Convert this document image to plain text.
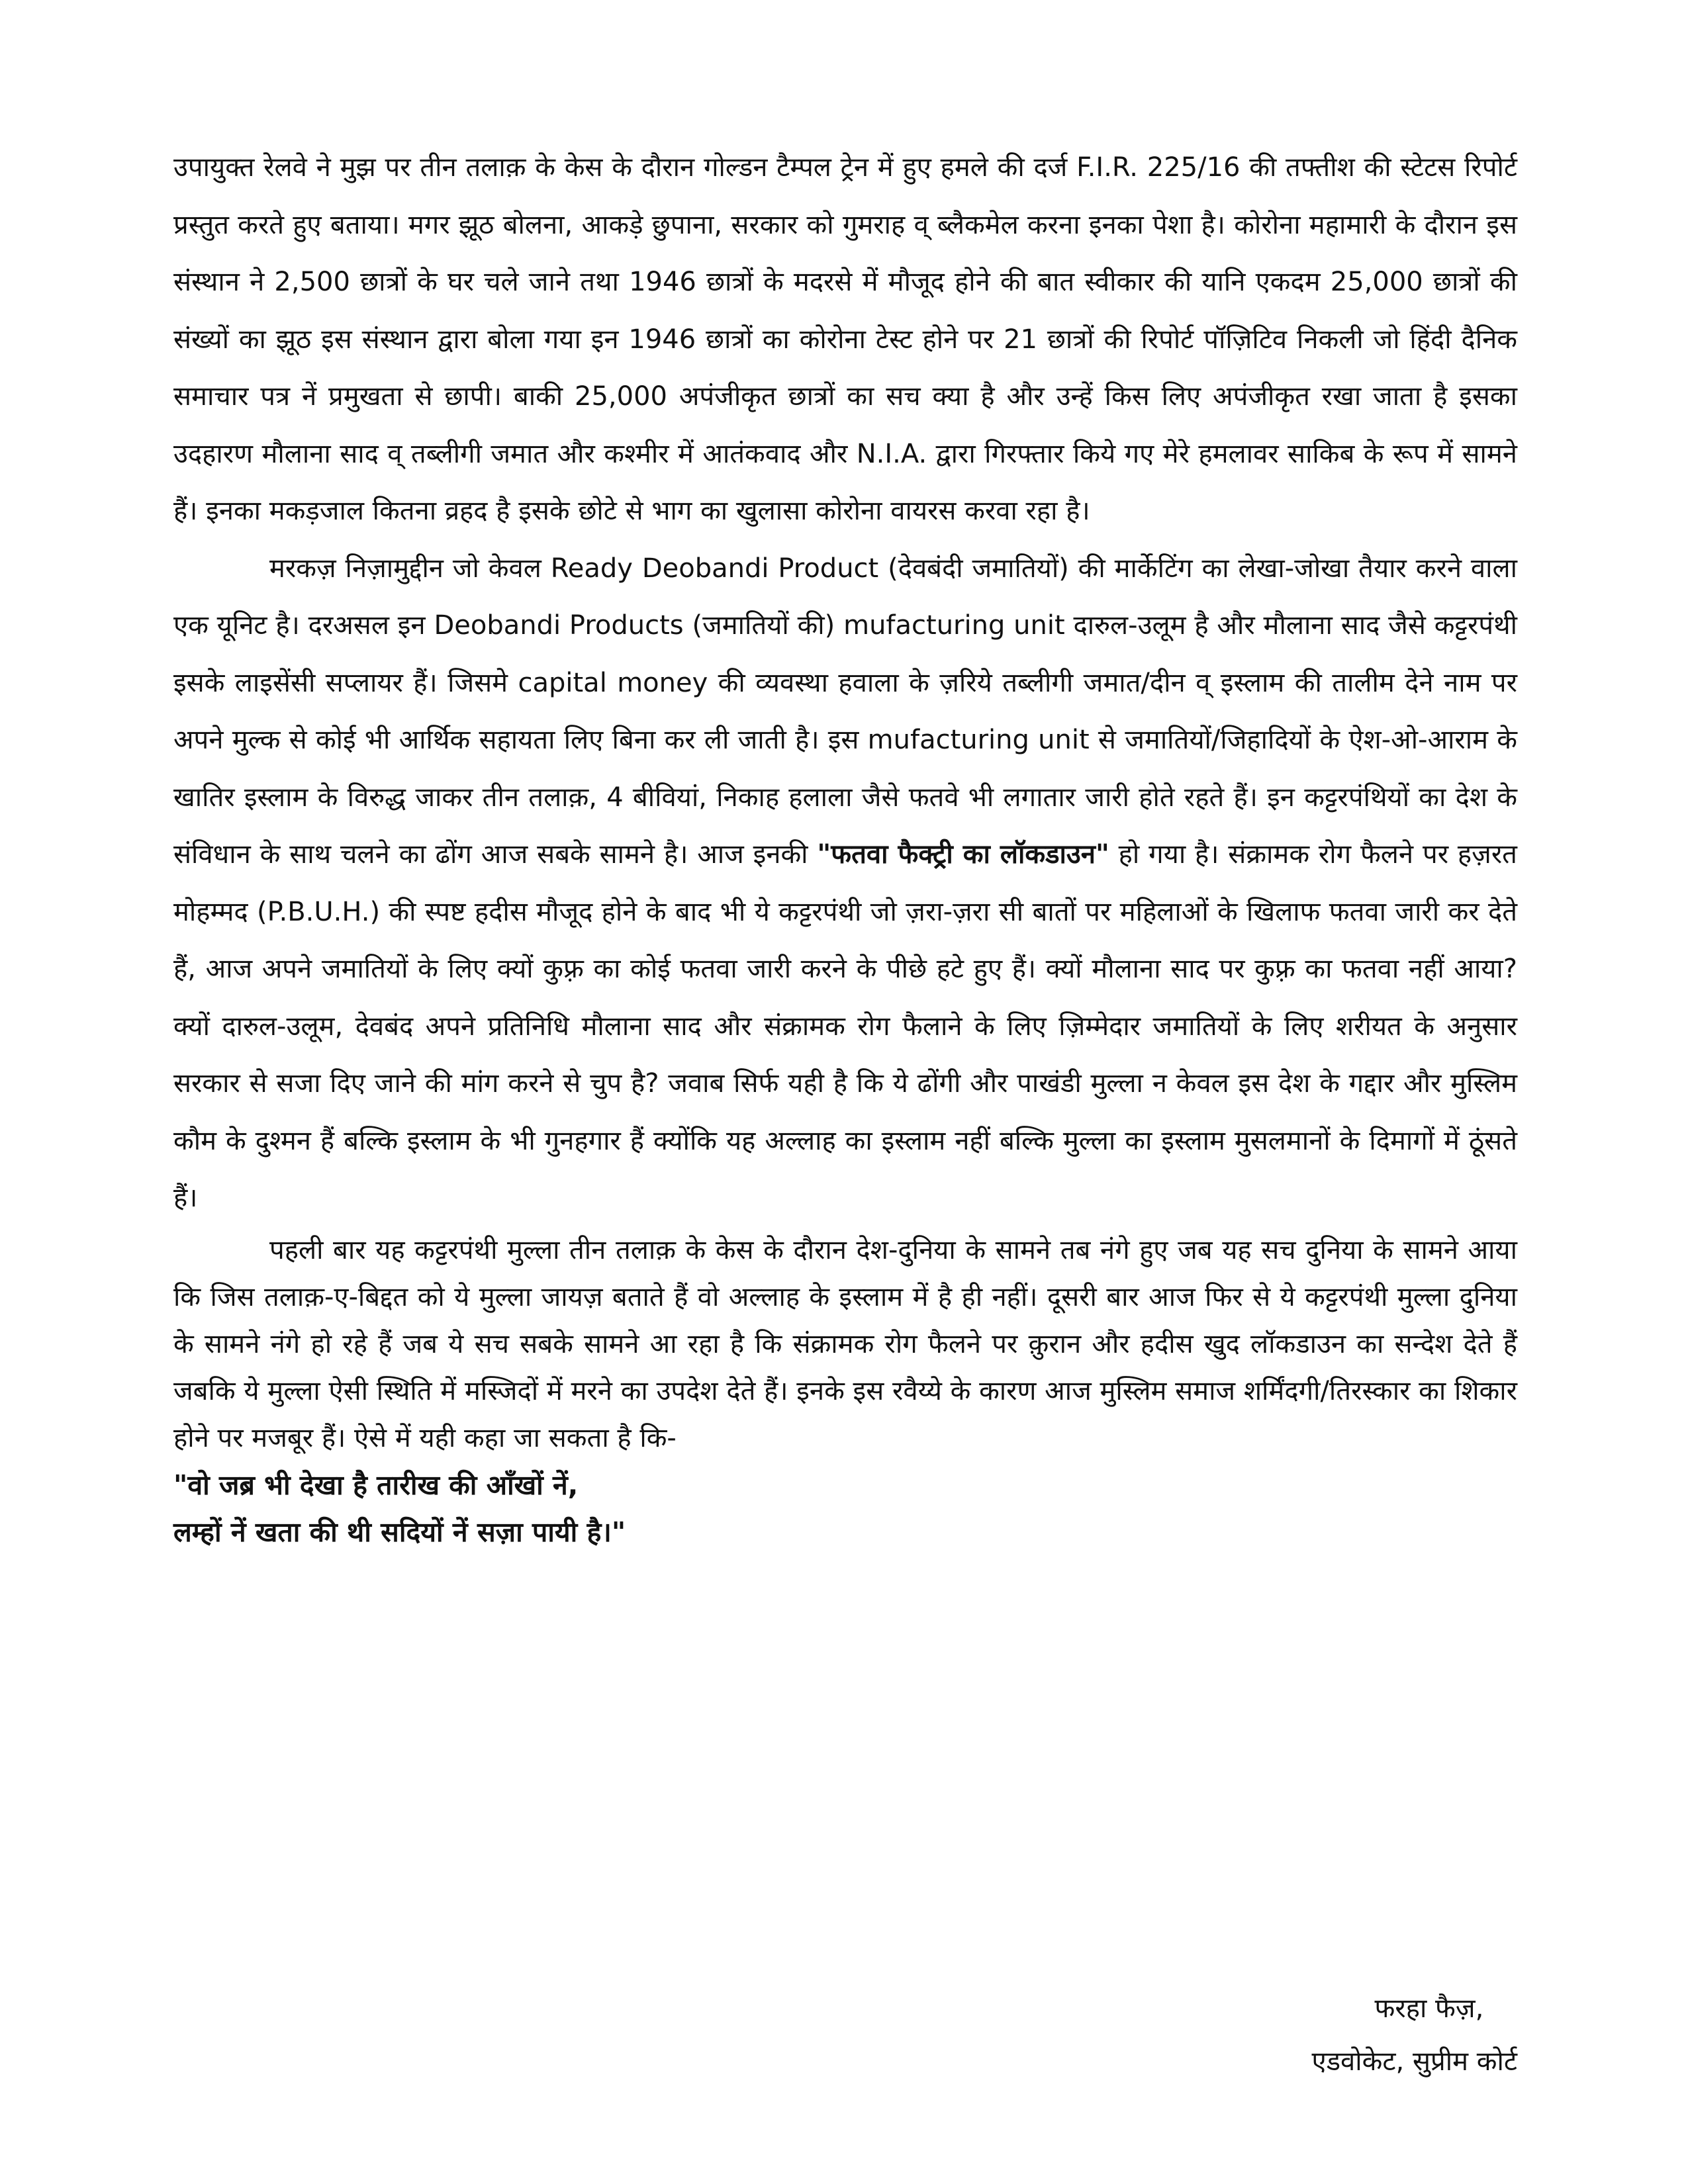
उपायुक्त रेलवे ने मुझ पर तीन तलाक़ के केस के दौरान गोल्डन टैम्पल ट्रेन में हुए हमले की दर्ज F.I.R. 225/16 की तफ्तीश की स्टेटस रिपोर्ट प्रस्तुत करते हुए बताया। मगर झूठ बोलना, आकड़े छुपाना, सरकार को गुमराह व् ब्लैकमेल करना इनका पेशा है। कोरोना महामारी के दौरान इस संस्थान ने 2,500 छात्रों के घर चले जाने तथा 1946 छात्रों के मदरसे में मौजूद होने की बात स्वीकार की यानि एकदम 25,000 छात्रों की संख्यों का झूठ इस संस्थान द्वारा बोला गया इन 1946 छात्रों का कोरोना टेस्ट होने पर 21 छात्रों की रिपोर्ट पॉज़िटिव निकली जो हिंदी दैनिक समाचार पत्र नें प्रमुखता से छापी। बाकी 25,000 अपंजीकृत छात्रों का सच क्या है और उन्हें किस लिए अपंजीकृत रखा जाता है इसका उदहारण मौलाना साद व् तब्लीगी जमात और कश्मीर में आतंकवाद और N.I.A. द्वारा गिरफ्तार किये गए मेरे हमलावर साकिब के रूप में सामने हैं। इनका मकड़जाल कितना व्रहद है इसके छोटे से भाग का खुलासा कोरोना वायरस करवा रहा है।

मरकज़ निज़ामुद्दीन जो केवल Ready Deobandi Product (देवबंदी जमातियों) की मार्केटिंग का लेखा-जोखा तैयार करने वाला एक यूनिट है। दरअसल इन Deobandi Products (जमातियों की) mufacturing unit दारुल-उलूम है और मौलाना साद जैसे कट्टरपंथी इसके लाइसेंसी सप्लायर हैं। जिसमे capital money की व्यवस्था हवाला के ज़रिये तब्लीगी जमात/दीन व् इस्लाम की तालीम देने नाम पर अपने मुल्क से कोई भी आर्थिक सहायता लिए बिना कर ली जाती है। इस mufacturing unit से जमातियों/जिहादियों के ऐश-ओ-आराम के खातिर इस्लाम के विरुद्ध जाकर तीन तलाक़, 4 बीवियां, निकाह हलाला जैसे फतवे भी लगातार जारी होते रहते हैं। इन कट्टरपंथियों का देश के संविधान के साथ चलने का ढोंग आज सबके सामने है। आज इनकी "फतवा फैक्ट्री का लॉकडाउन" हो गया है। संक्रामक रोग फैलने पर हज़रत मोहम्मद (P.B.U.H.) की स्पष्ट हदीस मौजूद होने के बाद भी ये कट्टरपंथी जो ज़रा-ज़रा सी बातों पर महिलाओं के खिलाफ फतवा जारी कर देते हैं, आज अपने जमातियों के लिए क्यों कुफ़्र का कोई फतवा जारी करने के पीछे हटे हुए हैं। क्यों मौलाना साद पर कुफ़्र का फतवा नहीं आया? क्यों दारुल-उलूम, देवबंद अपने प्रतिनिधि मौलाना साद और संक्रामक रोग फैलाने के लिए ज़िम्मेदार जमातियों के लिए शरीयत के अनुसार सरकार से सजा दिए जाने की मांग करने से चुप है? जवाब सिर्फ यही है कि ये ढोंगी और पाखंडी मुल्ला न केवल इस देश के गद्दार और मुस्लिम कौम के दुश्मन हैं बल्कि इस्लाम के भी गुनहगार हैं क्योंकि यह अल्लाह का इस्लाम नहीं बल्कि मुल्ला का इस्लाम मुसलमानों के दिमागों में ठूंसते हैं।

पहली बार यह कट्टरपंथी मुल्ला तीन तलाक़ के केस के दौरान देश-दुनिया के सामने तब नंगे हुए जब यह सच दुनिया के सामने आया कि जिस तलाक़-ए-बिद्दत को ये मुल्ला जायज़ बताते हैं वो अल्लाह के इस्लाम में है ही नहीं। दूसरी बार आज फिर से ये कट्टरपंथी मुल्ला दुनिया के सामने नंगे हो रहे हैं जब ये सच सबके सामने आ रहा है कि संक्रामक रोग फैलने पर क़ुरान और हदीस खुद लॉकडाउन का सन्देश देते हैं जबकि ये मुल्ला ऐसी स्थिति में मस्जिदों में मरने का उपदेश देते हैं। इनके इस रवैय्ये के कारण आज मुस्लिम समाज शर्मिंदगी/तिरस्कार का शिकार होने पर मजबूर हैं। ऐसे में यही कहा जा सकता है कि-

"वो जब्र भी देखा है तारीख की आँखों नें,

लम्हों नें खता की थी सदियों नें सज़ा पायी है।"

फरहा फैज़,
एडवोकेट, सुप्रीम कोर्ट
